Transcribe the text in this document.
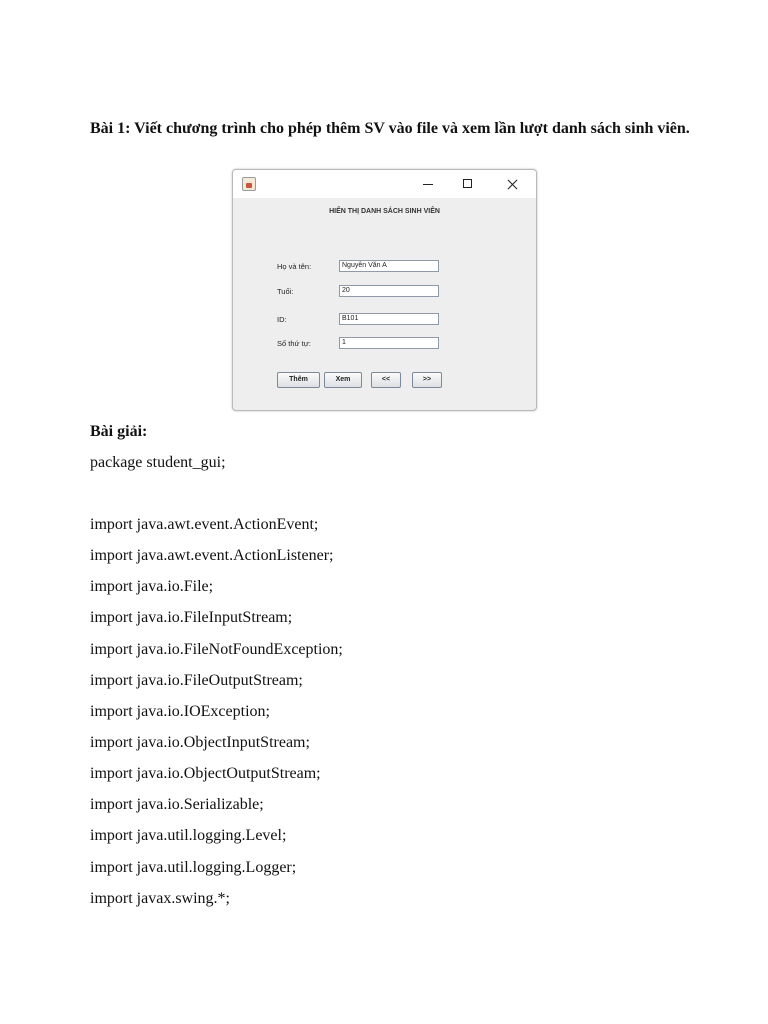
Bài 1: Viết chương trình cho phép thêm SV vào file và xem lần lượt danh sách sinh viên.
HIỂN THỊ DANH SÁCH SINH VIÊN
Họ và tên:	Nguyễn Văn A
Tuổi:	20
ID:	B101
Số thứ tự:	1
Thêm	Xem	<<	>>
Bài giải:
package student_gui;
import java.awt.event.ActionEvent;
import java.awt.event.ActionListener;
import java.io.File;
import java.io.FileInputStream;
import java.io.FileNotFoundException;
import java.io.FileOutputStream;
import java.io.IOException;
import java.io.ObjectInputStream;
import java.io.ObjectOutputStream;
import java.io.Serializable;
import java.util.logging.Level;
import java.util.logging.Logger;
import javax.swing.*;
